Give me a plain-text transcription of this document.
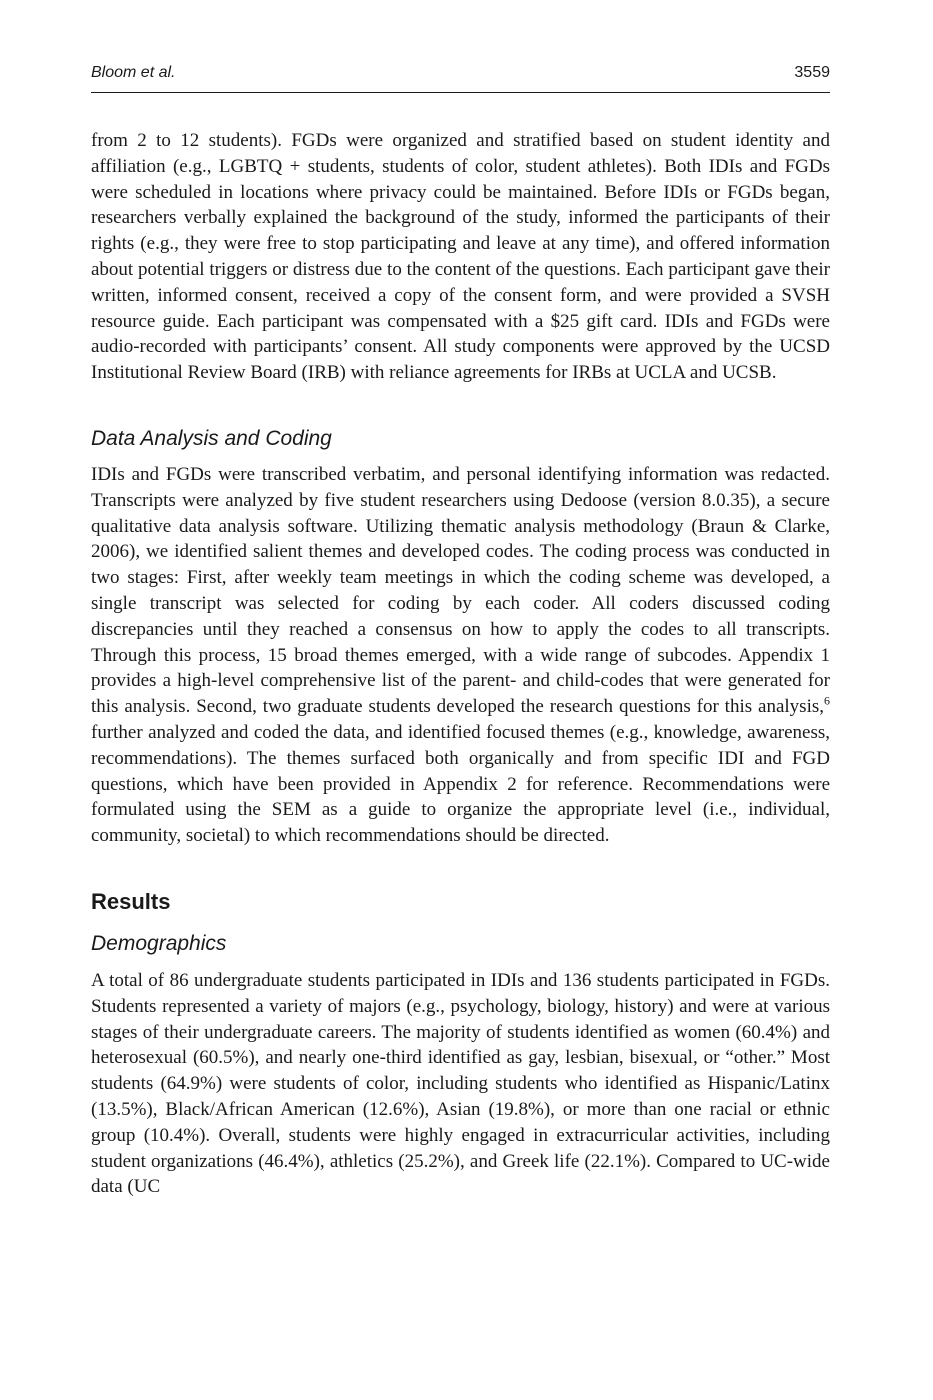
Bloom et al.	3559

from 2 to 12 students). FGDs were organized and stratified based on student identity and affiliation (e.g., LGBTQ + students, students of color, student athletes). Both IDIs and FGDs were scheduled in locations where privacy could be maintained. Before IDIs or FGDs began, researchers verbally explained the background of the study, informed the participants of their rights (e.g., they were free to stop participating and leave at any time), and offered information about potential triggers or distress due to the content of the questions. Each participant gave their written, informed consent, received a copy of the consent form, and were provided a SVSH resource guide. Each participant was compensated with a $25 gift card. IDIs and FGDs were audio-recorded with participants’ consent. All study components were approved by the UCSD Institutional Review Board (IRB) with reliance agreements for IRBs at UCLA and UCSB.

Data Analysis and Coding

IDIs and FGDs were transcribed verbatim, and personal identifying information was redacted. Transcripts were analyzed by five student researchers using Dedoose (version 8.0.35), a secure qualitative data analysis software. Utilizing thematic analysis methodology (Braun & Clarke, 2006), we identified salient themes and developed codes. The coding process was conducted in two stages: First, after weekly team meetings in which the coding scheme was developed, a single transcript was selected for coding by each coder. All coders discussed coding discrepancies until they reached a consensus on how to apply the codes to all transcripts. Through this process, 15 broad themes emerged, with a wide range of subcodes. Appendix 1 provides a high-level comprehensive list of the parent- and child-codes that were generated for this analysis. Second, two graduate students developed the research questions for this analysis,$^6$ further analyzed and coded the data, and identified focused themes (e.g., knowledge, awareness, recommendations). The themes surfaced both organically and from specific IDI and FGD questions, which have been provided in Appendix 2 for reference. Recommendations were formulated using the SEM as a guide to organize the appropriate level (i.e., individual, community, societal) to which recommendations should be directed.

Results
Demographics

A total of 86 undergraduate students participated in IDIs and 136 students participated in FGDs. Students represented a variety of majors (e.g., psychology, biology, history) and were at various stages of their undergraduate careers. The majority of students identified as women (60.4%) and heterosexual (60.5%), and nearly one-third identified as gay, lesbian, bisexual, or “other.” Most students (64.9%) were students of color, including students who identified as Hispanic/Latinx (13.5%), Black/African American (12.6%), Asian (19.8%), or more than one racial or ethnic group (10.4%). Overall, students were highly engaged in extracurricular activities, including student organizations (46.4%), athletics (25.2%), and Greek life (22.1%). Compared to UC-wide data (UC
